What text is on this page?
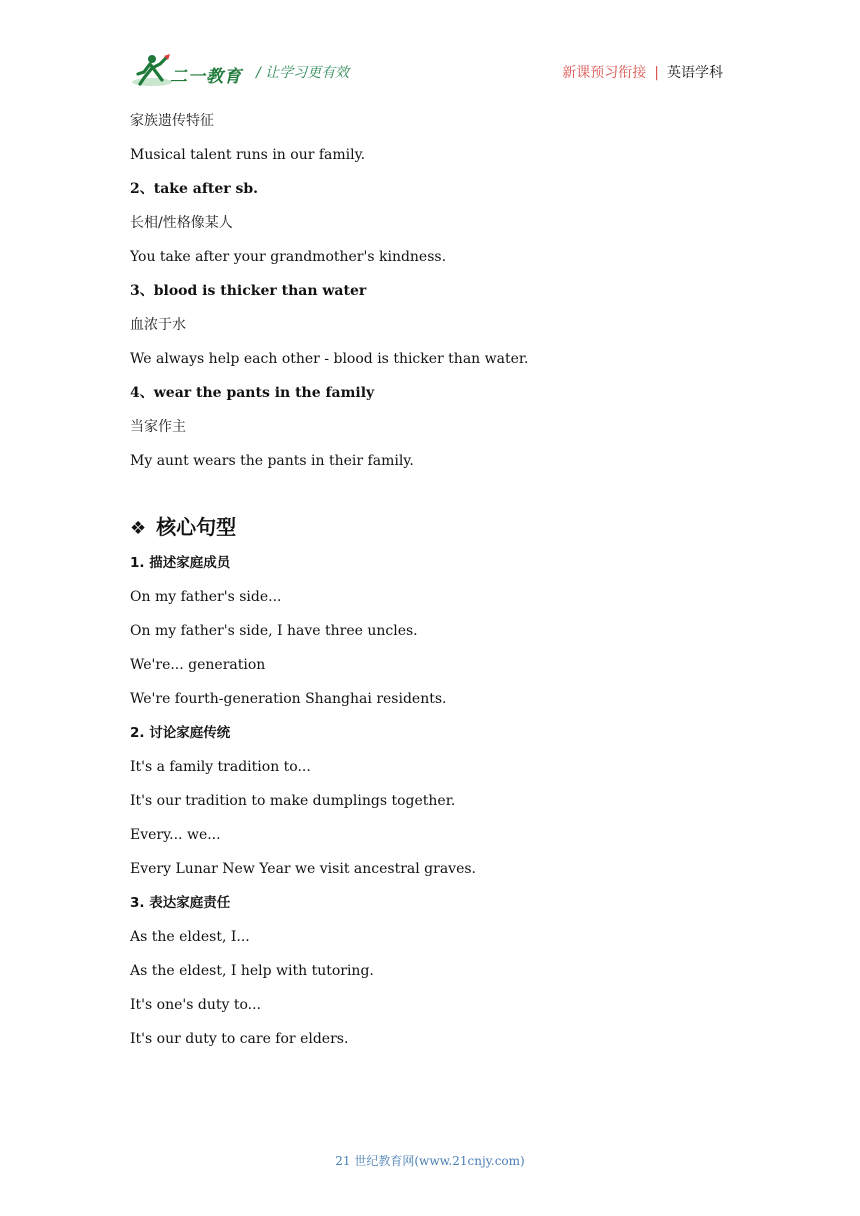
二一教育 / 让学习更有效	新课预习衔接 | 英语学科
家族遗传特征
Musical talent runs in our family.
2、take after sb.
长相/性格像某人
You take after your grandmother's kindness.
3、blood is thicker than water
血浓于水
We always help each other - blood is thicker than water.
4、wear the pants in the family
当家作主
My aunt wears the pants in their family.
❖ 核心句型
1. 描述家庭成员
On my father's side...
On my father's side, I have three uncles.
We're... generation
We're fourth-generation Shanghai residents.
2. 讨论家庭传统
It's a family tradition to...
It's our tradition to make dumplings together.
Every... we...
Every Lunar New Year we visit ancestral graves.
3. 表达家庭责任
As the eldest, I...
As the eldest, I help with tutoring.
It's one's duty to...
It's our duty to care for elders.
21 世纪教育网(www.21cnjy.com)
